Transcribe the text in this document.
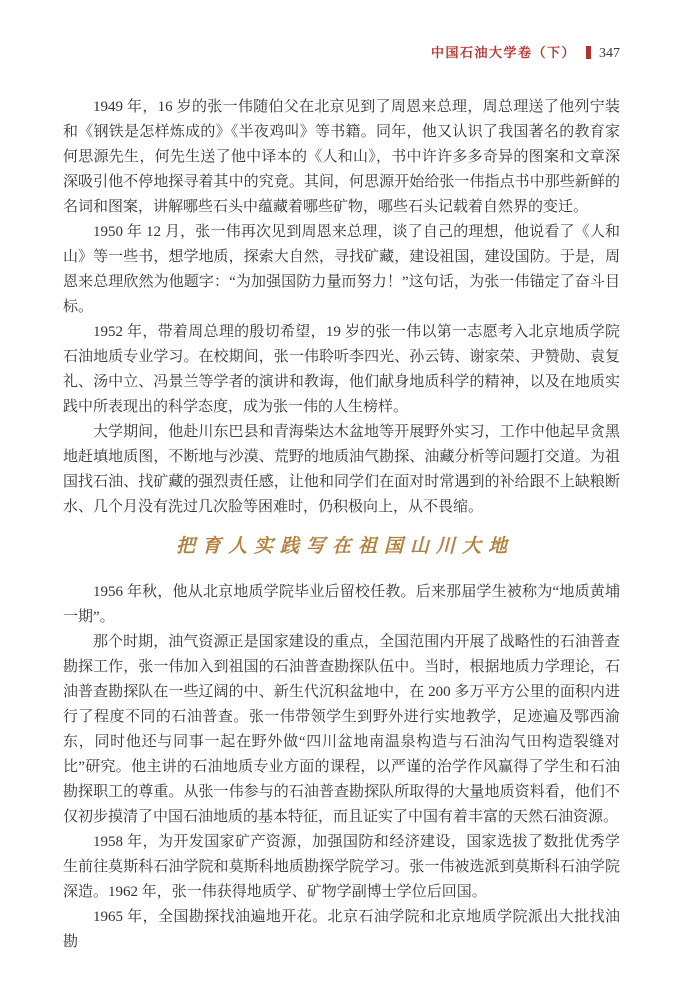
中国石油大学卷（下） 347

1949 年，16 岁的张一伟随伯父在北京见到了周恩来总理，周总理送了他列宁装和《钢铁是怎样炼成的》《半夜鸡叫》等书籍。同年，他又认识了我国著名的教育家何思源先生，何先生送了他中译本的《人和山》，书中许许多多奇异的图案和文章深深吸引他不停地探寻着其中的究竟。其间，何思源开始给张一伟指点书中那些新鲜的名词和图案，讲解哪些石头中蕴藏着哪些矿物，哪些石头记载着自然界的变迁。

1950 年 12 月，张一伟再次见到周恩来总理，谈了自己的理想，他说看了《人和山》等一些书，想学地质，探索大自然，寻找矿藏，建设祖国，建设国防。于是，周恩来总理欣然为他题字：“为加强国防力量而努力！”这句话，为张一伟锚定了奋斗目标。

1952 年，带着周总理的殷切希望，19 岁的张一伟以第一志愿考入北京地质学院石油地质专业学习。在校期间，张一伟聆听李四光、孙云铸、谢家荣、尹赞勋、袁复礼、汤中立、冯景兰等学者的演讲和教诲，他们献身地质科学的精神，以及在地质实践中所表现出的科学态度，成为张一伟的人生榜样。

大学期间，他赴川东巴县和青海柴达木盆地等开展野外实习，工作中他起早贪黑地赶填地质图，不断地与沙漠、荒野的地质油气勘探、油藏分析等问题打交道。为祖国找石油、找矿藏的强烈责任感，让他和同学们在面对时常遇到的补给跟不上缺粮断水、几个月没有洗过几次脸等困难时，仍积极向上，从不畏缩。

把育人实践写在祖国山川大地

1956 年秋，他从北京地质学院毕业后留校任教。后来那届学生被称为“地质黄埔一期”。

那个时期，油气资源正是国家建设的重点，全国范围内开展了战略性的石油普查勘探工作，张一伟加入到祖国的石油普查勘探队伍中。当时，根据地质力学理论，石油普查勘探队在一些辽阔的中、新生代沉积盆地中，在 200 多万平方公里的面积内进行了程度不同的石油普查。张一伟带领学生到野外进行实地教学，足迹遍及鄂西渝东，同时他还与同事一起在野外做“四川盆地南温泉构造与石油沟气田构造裂缝对比”研究。他主讲的石油地质专业方面的课程，以严谨的治学作风赢得了学生和石油勘探职工的尊重。从张一伟参与的石油普查勘探队所取得的大量地质资料看，他们不仅初步摸清了中国石油地质的基本特征，而且证实了中国有着丰富的天然石油资源。

1958 年，为开发国家矿产资源，加强国防和经济建设，国家选拔了数批优秀学生前往莫斯科石油学院和莫斯科地质勘探学院学习。张一伟被选派到莫斯科石油学院深造。1962 年，张一伟获得地质学、矿物学副博士学位后回国。

1965 年，全国勘探找油遍地开花。北京石油学院和北京地质学院派出大批找油勘
